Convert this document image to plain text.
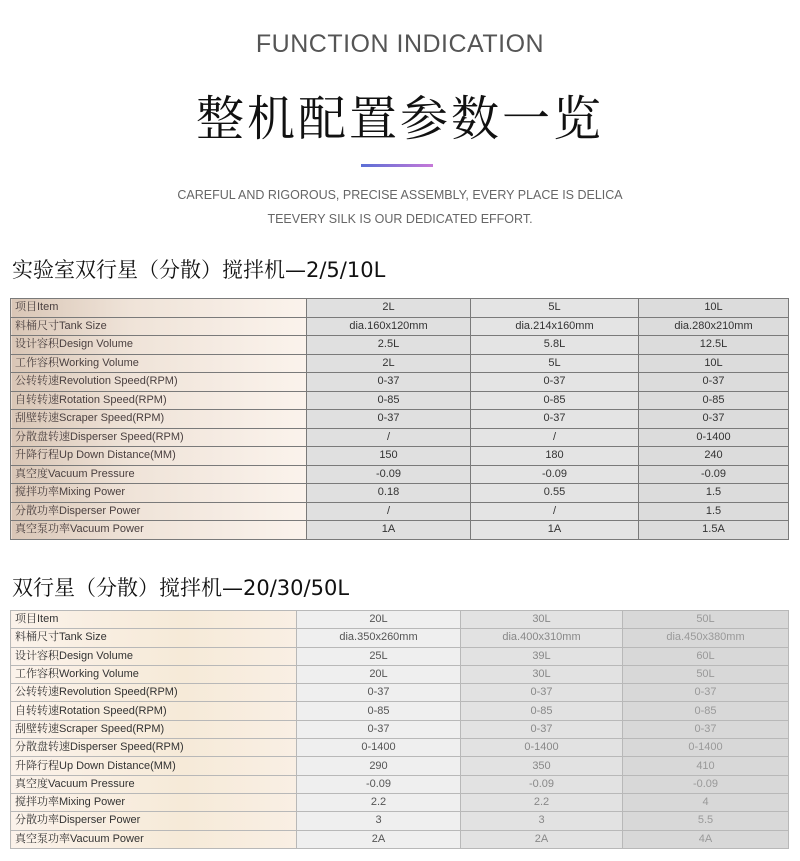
FUNCTION INDICATION
整机配置参数一览
CAREFUL AND RIGOROUS, PRECISE ASSEMBLY, EVERY PLACE IS DELICA
TEEVERY SILK IS OUR DEDICATED EFFORT.
实验室双行星（分散）搅拌机—2/5/10L
项目Item	2L	5L	10L
料桶尺寸Tank Size	dia.160x120mm	dia.214x160mm	dia.280x210mm
设计容积Design Volume	2.5L	5.8L	12.5L
工作容积Working Volume	2L	5L	10L
公转转速Revolution Speed(RPM)	0-37	0-37	0-37
自转转速Rotation Speed(RPM)	0-85	0-85	0-85
刮壁转速Scraper Speed(RPM)	0-37	0-37	0-37
分散盘转速Disperser Speed(RPM)	/	/	0-1400
升降行程Up Down Distance(MM)	150	180	240
真空度Vacuum Pressure	-0.09	-0.09	-0.09
搅拌功率Mixing Power	0.18	0.55	1.5
分散功率Disperser Power	/	/	1.5
真空泵功率Vacuum Power	1A	1A	1.5A
双行星（分散）搅拌机—20/30/50L
项目Item	20L	30L	50L
料桶尺寸Tank Size	dia.350x260mm	dia.400x310mm	dia.450x380mm
设计容积Design Volume	25L	39L	60L
工作容积Working Volume	20L	30L	50L
公转转速Revolution Speed(RPM)	0-37	0-37	0-37
自转转速Rotation Speed(RPM)	0-85	0-85	0-85
刮壁转速Scraper Speed(RPM)	0-37	0-37	0-37
分散盘转速Disperser Speed(RPM)	0-1400	0-1400	0-1400
升降行程Up Down Distance(MM)	290	350	410
真空度Vacuum Pressure	-0.09	-0.09	-0.09
搅拌功率Mixing Power	2.2	2.2	4
分散功率Disperser Power	3	3	5.5
真空泵功率Vacuum Power	2A	2A	4A
